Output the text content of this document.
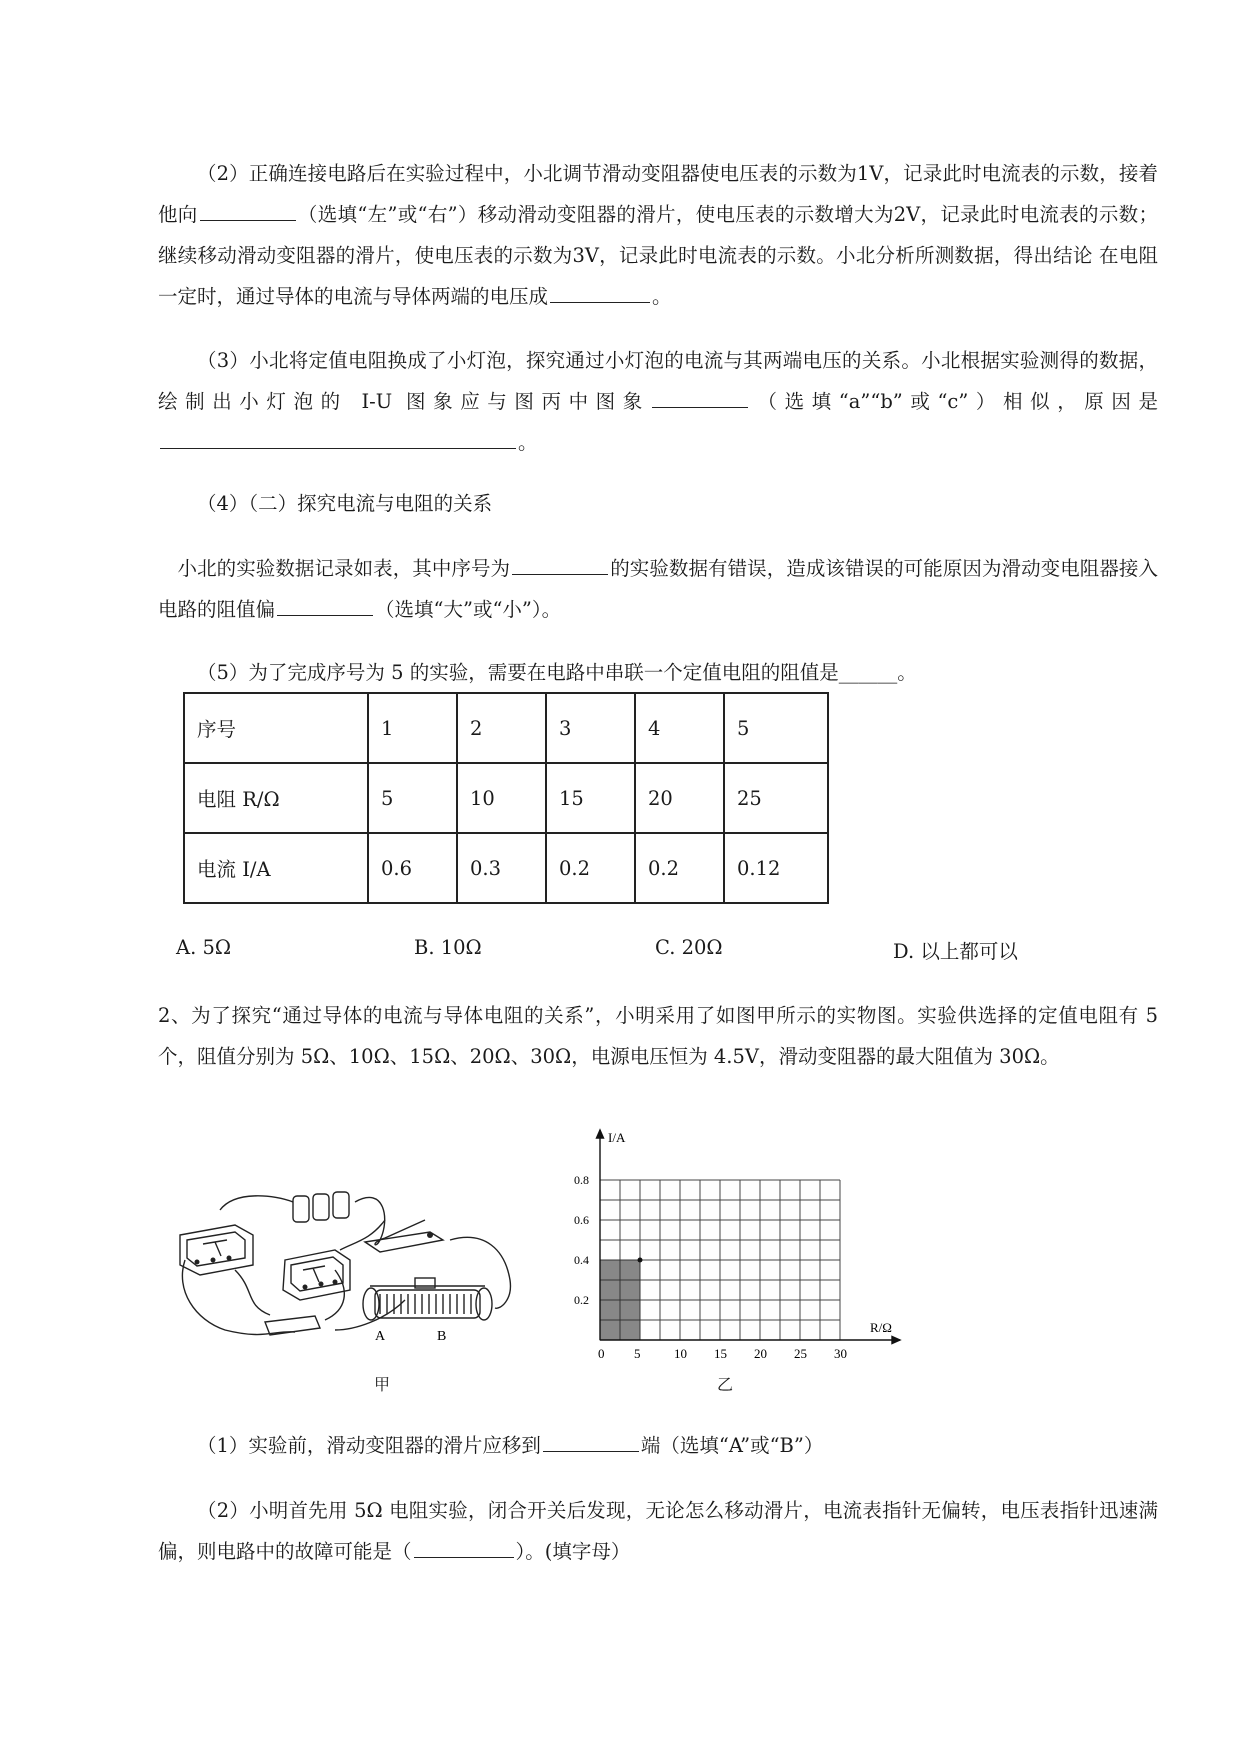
（2）正确连接电路后在实验过程中，小北调节滑动变阻器使电压表的示数为1V，记录此时电流表的示数，接着他向	（选填“左”或“右”）移动滑动变阻器的滑片，使电压表的示数增大为2V，记录此时电流表的示数；继续移动滑动变阻器的滑片，使电压表的示数为3V，记录此时电流表的示数。小北分析所测数据，得出结论 在电阻一定时，通过导体的电流与导体两端的电压成	。

（3）小北将定值电阻换成了小灯泡，探究通过小灯泡的电流与其两端电压的关系。小北根据实验测得的数据，绘制出小灯泡的 I-U 图象应与图丙中图象	（选填“a”“b”或“c”）相似，原因是。

（4）（二）探究电流与电阻的关系

小北的实验数据记录如表，其中序号为	的实验数据有错误，造成该错误的可能原因为滑动变电阻器接入电路的阻值偏	（选填“大”或“小”）。

（5）为了完成序号为 5 的实验，需要在电路中串联一个定值电阻的阻值是______。

序号	1	2	3	4	5
电阻 R/Ω	5	10	15	20	25
电流 I/A	0.6	0.3	0.2	0.2	0.12
A. 5Ω	B. 10Ω	C. 20Ω	D. 以上都可以

2、为了探究“通过导体的电流与导体电阻的关系”，小明采用了如图甲所示的实物图。实验供选择的定值电阻有 5 个，阻值分别为 5Ω、10Ω、15Ω、20Ω、30Ω，电源电压恒为 4.5V，滑动变阻器的最大阻值为 30Ω。

A	B
0 5	10 15 20 25 30
0.2
0.4
0.6
0.8
R/Ω
I/A
甲	乙

（1）实验前，滑动变阻器的滑片应移到	端（选填“A”或“B”）

（2）小明首先用 5Ω 电阻实验，闭合开关后发现，无论怎么移动滑片，电流表指针无偏转，电压表指针迅速满偏，则电路中的故障可能是（	）。(填字母）
